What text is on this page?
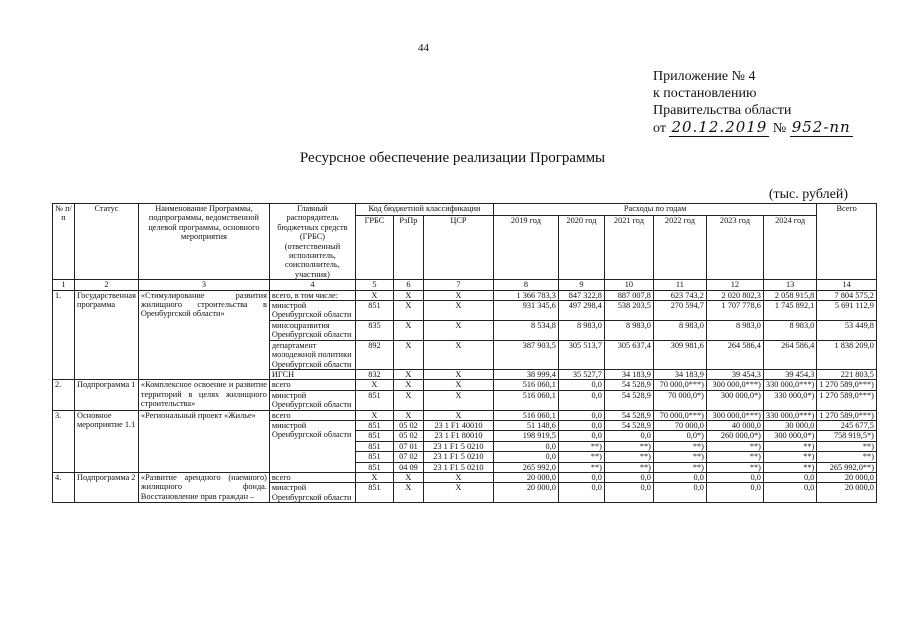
44
Приложение № 4
к постановлению
Правительства области
от 20.12.2019 № 952-пп
Ресурсное обеспечение реализации Программы
(тыс. рублей)
№ п/п	Статус	Наименование Программы, подпрограммы, ведомственной целевой программы, основного мероприятия	Главный распорядитель бюджетных средств (ГРБС) (ответственный исполнитель, соисполнитель, участник)	Код бюджетной классификации			Расходы по годам						Всего
				ГРБС	РзПр	ЦСР	2019 год	2020 год	2021 год	2022 год	2023 год	2024 год	
1	2	3	4	5	6	7	8	9	10	11	12	13	14
1.	Государственная программа	«Стимулирование развития жилищного строительства в Оренбургской области»	всего, в том числе:	Х	Х	Х	1 366 783,3	847 322,8	887 007,8	623 743,2	2 020 802,3	2 058 915,8	7 804 575,2
			минстрой Оренбургской области	851	Х	Х	931 345,6	497 298,4	538 203,5	270 594,7	1 707 778,6	1 745 892,1	5 691 112,9
			минсоцразвития Оренбургской области	835	Х	Х	8 534,8	8 983,0	8 983,0	8 983,0	8 983,0	8 983,0	53 449,8
			департамент молодежной политики Оренбургской области	892	Х	Х	387 903,5	305 513,7	305 637,4	309 981,6	264 586,4	264 586,4	1 838 209,0
			ИГСН	832	Х	Х	38 999,4	35 527,7	34 183,9	34 183,9	39 454,3	39 454,3	221 803,5
2.	Подпрограмма 1	«Комплексное освоение и развитие территорий в целях жилищного строительства»	всего	Х	Х	Х	516 060,1	0,0	54 528,9	70 000,0***)	300 000,0***)	330 000,0***)	1 270 589,0***)
			минстрой Оренбургской области	851	Х	Х	516 060,1	0,0	54 528,9	70 000,0*)	300 000,0*)	330 000,0*)	1 270 589,0***)
3.	Основное мероприятие 1.1	«Региональный проект «Жилье»	всего	Х	Х	Х	516 060,1	0,0	54 528,9	70 000,0***)	300 000,0***)	330 000,0***)	1 270 589,0***)
			минстрой Оренбургской области	851	05 02	23 1 F1 40010	51 148,6	0,0	54 528,9	70 000,0	40 000,0	30 000,0	245 677,5
				851	05 02	23 1 F1 80010	198 919,5	0,0	0,0	0,0*)	260 000,0*)	300 000,0*)	758 919,5*)
				851	07 01	23 1 F1 5 0210	0,0	**)	**)	**)	**)	**)	**)
				851	07 02	23 1 F1 5 0210	0,0	**)	**)	**)	**)	**)	**)
				851	04 09	23 1 F1 5 0210	265 992,0	**)	**)	**)	**)	**)	265 992,0**)
4.	Подпрограмма 2	«Развитие арендного (наемного) жилищного фонда. Восстановление прав граждан –	всего	Х	Х	Х	20 000,0	0,0	0,0	0,0	0,0	0,0	20 000,0
			минстрой Оренбургской области	851	Х	Х	20 000,0	0,0	0,0	0,0	0,0	0,0	20 000,0
